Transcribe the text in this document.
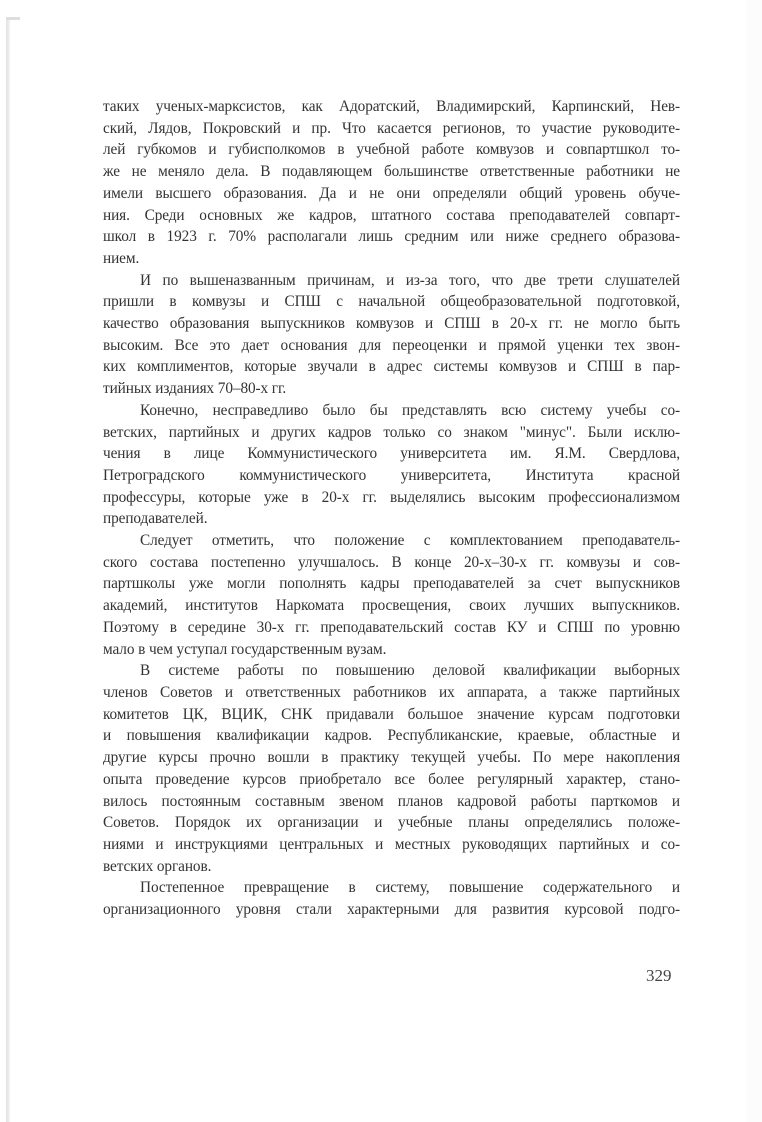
таких ученых-марксистов, как Адоратский, Владимирский, Карпинский, Нев-
ский, Лядов, Покровский и пр. Что касается регионов, то участие руководите-
лей губкомов и губисполкомов в учебной работе комвузов и совпартшкол то-
же не меняло дела. В подавляющем большинстве ответственные работники не
имели высшего образования. Да и не они определяли общий уровень обуче-
ния. Среди основных же кадров, штатного состава преподавателей совпарт-
школ в 1923 г. 70% располагали лишь средним или ниже среднего образова-
нием.
И по вышеназванным причинам, и из-за того, что две трети слушателей
пришли в комвузы и СПШ с начальной общеобразовательной подготовкой,
качество образования выпускников комвузов и СПШ в 20-х гг. не могло быть
высоким. Все это дает основания для переоценки и прямой уценки тех звон-
ких комплиментов, которые звучали в адрес системы комвузов и СПШ в пар-
тийных изданиях 70–80-х гг.
Конечно, несправедливо было бы представлять всю систему учебы со-
ветских, партийных и других кадров только со знаком "минус". Были исклю-
чения в лице Коммунистического университета им. Я.М. Свердлова,
Петроградского коммунистического университета, Института красной
профессуры, которые уже в 20-х гг. выделялись высоким профессионализмом
преподавателей.
Следует отметить, что положение с комплектованием преподаватель-
ского состава постепенно улучшалось. В конце 20-х–30-х гг. комвузы и сов-
партшколы уже могли пополнять кадры преподавателей за счет выпускников
академий, институтов Наркомата просвещения, своих лучших выпускников.
Поэтому в середине 30-х гг. преподавательский состав КУ и СПШ по уровню
мало в чем уступал государственным вузам.
В системе работы по повышению деловой квалификации выборных
членов Советов и ответственных работников их аппарата, а также партийных
комитетов ЦК, ВЦИК, СНК придавали большое значение курсам подготовки
и повышения квалификации кадров. Республиканские, краевые, областные и
другие курсы прочно вошли в практику текущей учебы. По мере накопления
опыта проведение курсов приобретало все более регулярный характер, стано-
вилось постоянным составным звеном планов кадровой работы парткомов и
Советов. Порядок их организации и учебные планы определялись положе-
ниями и инструкциями центральных и местных руководящих партийных и со-
ветских органов.
Постепенное превращение в систему, повышение содержательного и
организационного уровня стали характерными для развития курсовой подго-
329
